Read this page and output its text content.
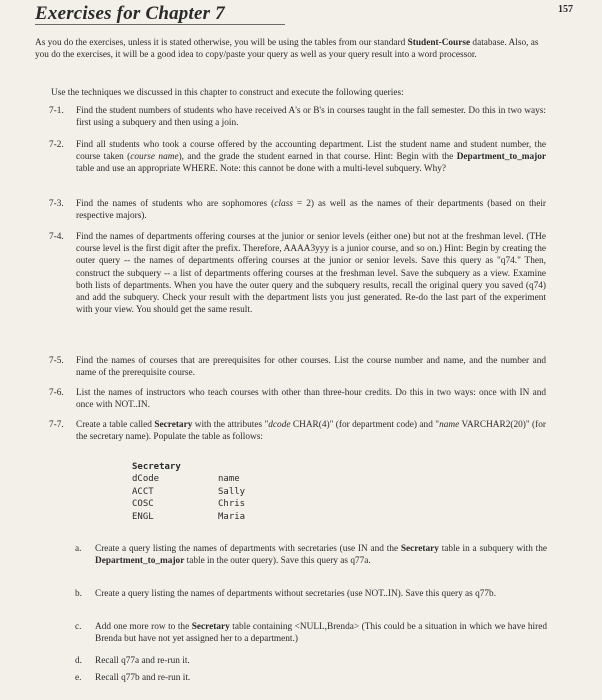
Exercises for Chapter 7	157
As you do the exercises, unless it is stated otherwise, you will be using the tables from our standard Student-Course database. Also, as you do the exercises, it will be a good idea to copy/paste your query as well as your query result into a word processor.
Use the techniques we discussed in this chapter to construct and execute the following queries:
7-1.	Find the student numbers of students who have received A's or B's in courses taught in the fall semester. Do this in two ways: first using a subquery and then using a join.
7-2.	Find all students who took a course offered by the accounting department. List the student name and student number, the course taken (course name), and the grade the student earned in that course. Hint: Begin with the Department_to_major table and use an appropriate WHERE. Note: this cannot be done with a multi-level subquery. Why?
7-3.	Find the names of students who are sophomores (class = 2) as well as the names of their departments (based on their respective majors).
7-4.	Find the names of departments offering courses at the junior or senior levels (either one) but not at the freshman level. (THe course level is the first digit after the prefix. Therefore, AAAA3yyy is a junior course, and so on.) Hint: Begin by creating the outer query -- the names of departments offering courses at the junior or senior levels. Save this query as "q74." Then, construct the subquery -- a list of departments offering courses at the freshman level. Save the subquery as a view. Examine both lists of departments. When you have the outer query and the subquery results, recall the original query you saved (q74) and add the subquery. Check your result with the department lists you just generated. Re-do the last part of the experiment with your view. You should get the same result.
7-5.	Find the names of courses that are prerequisites for other courses. List the course number and name, and the number and name of the prerequisite course.
7-6.	List the names of instructors who teach courses with other than three-hour credits. Do this in two ways: once with IN and once with NOT..IN.
7-7.	Create a table called Secretary with the attributes "dcode CHAR(4)" (for department code) and "name VARCHAR2(20)" (for the secretary name). Populate the table as follows:
Secretary
dCode	name
ACCT	Sally
COSC	Chris
ENGL	Maria
a.	Create a query listing the names of departments with secretaries (use IN and the Secretary table in a subquery with the Department_to_major table in the outer query). Save this query as q77a.
b.	Create a query listing the names of departments without secretaries (use NOT..IN). Save this query as q77b.
c.	Add one more row to the Secretary table containing <NULL,Brenda> (This could be a situation in which we have hired Brenda but have not yet assigned her to a department.)
d.	Recall q77a and re-run it.
e.	Recall q77b and re-run it.
